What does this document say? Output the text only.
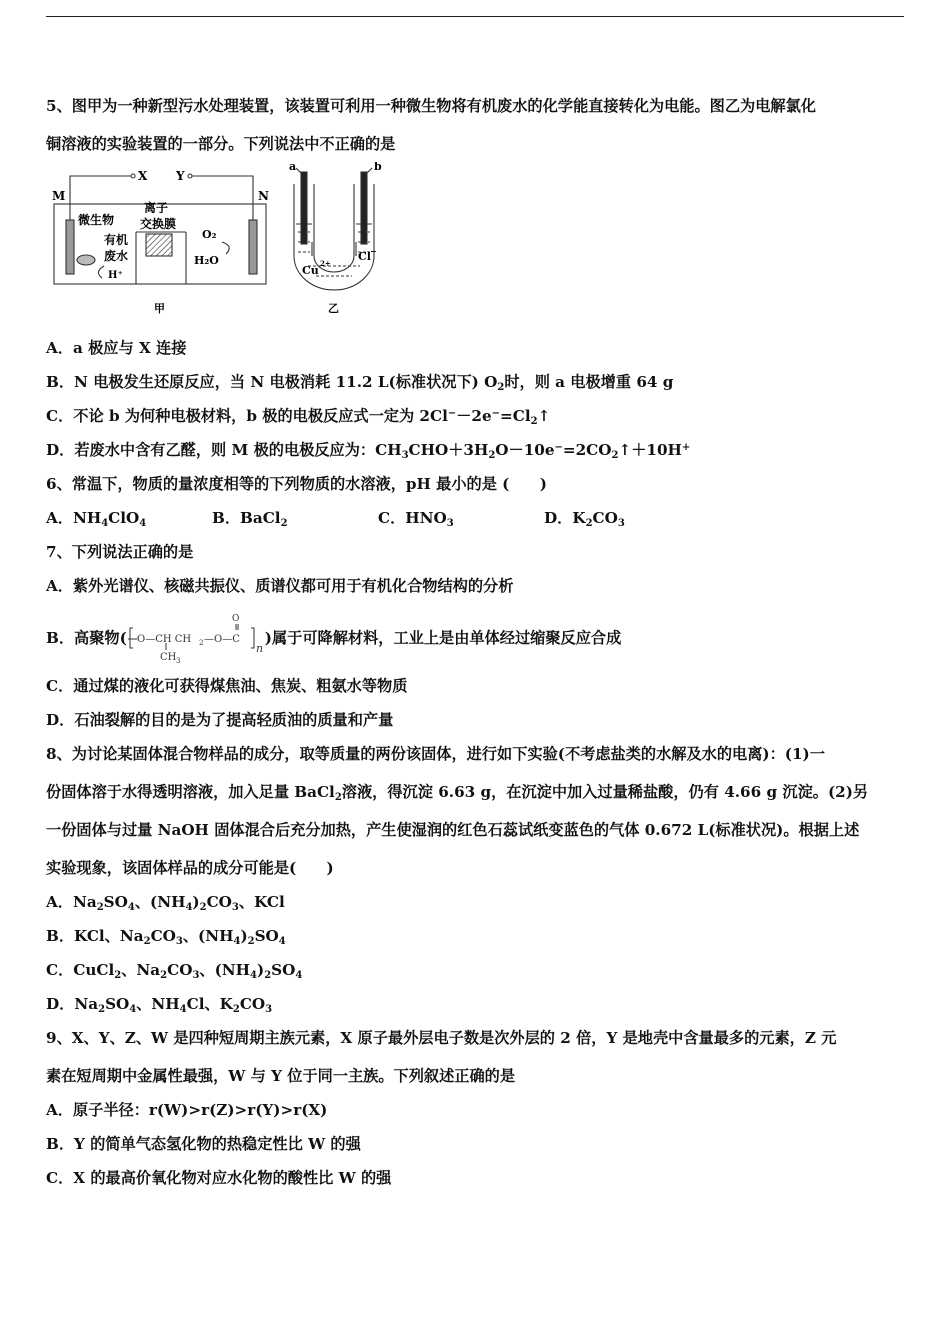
5、图甲为一种新型污水处理装置，该装置可利用一种微生物将有机废水的化学能直接转化为电能。图乙为电解氯化
铜溶液的实验装置的一部分。下列说法中不正确的是
X Y
M	N
微生物
有机
废水
H⁺
离子
交换膜
O₂
H₂O
甲
a	b
Cu
2+
Cl −
乙
A．a 极应与 X 连接
B．N 电极发生还原反应，当 N 电极消耗 11.2 L(标准状况下) $O_2$时，则 a 电极增重 64 g
C．不论 b 为何种电极材料，b 极的电极反应式一定为 $2Cl^--2e^-=Cl_2↑$
D．若废水中含有乙醛，则 M 极的电极反应为：$CH_3CHO+3H_2O-10e^-=2CO_2↑+10H^+$
6、常温下，物质的量浓度相等的下列物质的水溶液，pH 最小的是 (　　)
A．$NH_4ClO_4$	B．BaCl$_2$	C．$HNO_3$	D．$K_2CO_3$
7、下列说法正确的是
A．紫外光谱仪、核磁共振仪、质谱仪都可用于有机化合物结构的分析
B．高聚物( O—CH CH 2 —O—C
O
CH 3
n
)属于可降解材料，工业上是由单体经过缩聚反应合成
C．通过煤的液化可获得煤焦油、焦炭、粗氨水等物质
D．石油裂解的目的是为了提高轻质油的质量和产量
8、为讨论某固体混合物样品的成分，取等质量的两份该固体，进行如下实验(不考虑盐类的水解及水的电离)：(1)一
份固体溶于水得透明溶液，加入足量 BaCl$_2$溶液，得沉淀 6.63 g，在沉淀中加入过量稀盐酸，仍有 4.66 g 沉淀。(2)另
一份固体与过量 NaOH 固体混合后充分加热，产生使湿润的红色石蕊试纸变蓝色的气体 0.672 L(标准状况)。根据上述
实验现象，该固体样品的成分可能是(　　)
A．$Na_2SO_4$、$(NH_4)_2CO_3$、KCl
B．KCl、$Na_2CO_3$、$(NH_4)_2SO_4$
C．CuCl$_2$、$Na_2CO_3$、$(NH_4)_2SO_4$
D．$Na_2SO_4$、$NH_4Cl$、$K_2CO_3$
9、X、Y、Z、W 是四种短周期主族元素，X 原子最外层电子数是次外层的 2 倍，Y 是地壳中含量最多的元素，Z 元
素在短周期中金属性最强，W 与 Y 位于同一主族。下列叙述正确的是
A．原子半径：r(W)>r(Z)>r(Y)>r(X)
B．Y 的简单气态氢化物的热稳定性比 W 的强
C．X 的最高价氧化物对应水化物的酸性比 W 的强
